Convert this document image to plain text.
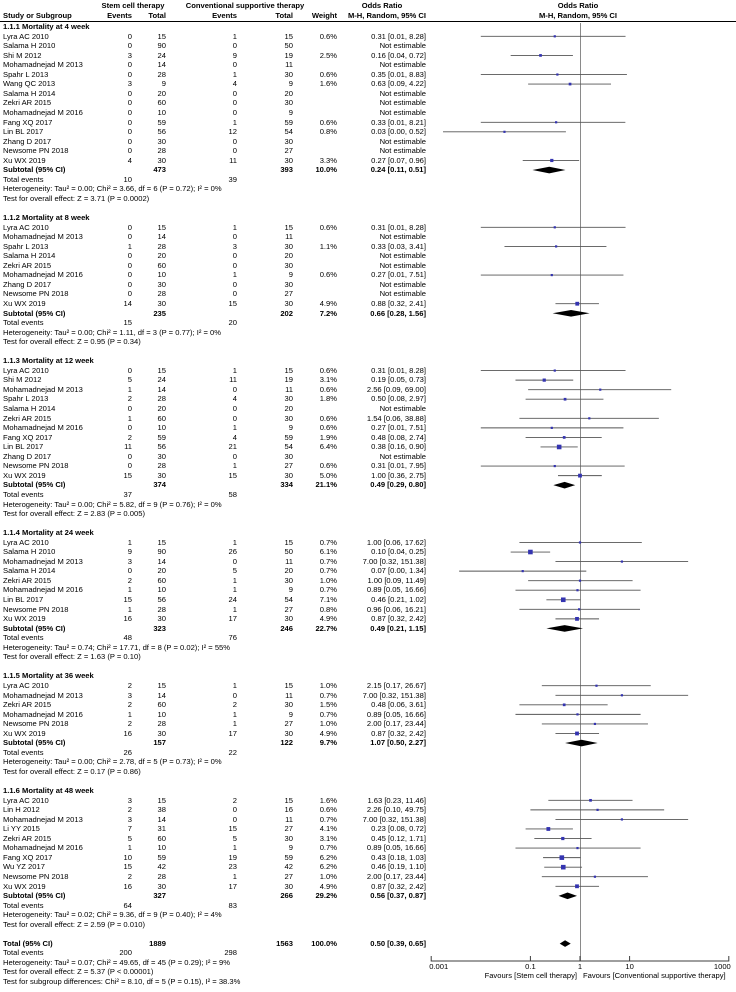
Stem cell therapy	Conventional supportive therapy	Odds Ratio	Odds Ratio
Study or Subgroup	Events Total	Events	Total Weight M-H, Random, 95% CI	M-H, Random, 95% CI
1.1.1 Mortality at 4 week
Lyra AC 2010	0	15	1	15	0.6%	0.31 [0.01, 8.28]
Salama H 2010	0	90	0	50	Not estimable
Shi M 2012	3	24	9	19	2.5%	0.16 [0.04, 0.72]
Mohamadnejad M 2013	0	14	0	11	Not estimable
Spahr L 2013	0	28	1	30	0.6%	0.35 [0.01, 8.83]
Wang QC 2013	3	9	4	9	1.6%	0.63 [0.09, 4.22]
Salama H 2014	0	20	0	20	Not estimable
Zekri AR 2015	0	60	0	30	Not estimable
Mohamadnejad M 2016	0	10	0	9	Not estimable
Fang XQ 2017	0	59	1	59	0.6%	0.33 [0.01, 8.21]
Lin BL 2017	0	56	12	54	0.8%	0.03 [0.00, 0.52]
Zhang D 2017	0	30	0	30	Not estimable
Newsome PN 2018	0	28	0	27	Not estimable
Xu WX 2019	4	30	11	30	3.3%	0.27 [0.07, 0.96]
Subtotal (95% CI)	473	393	10.0%	0.24 [0.11, 0.51]
Total events	10	39
Heterogeneity: Tau² = 0.00; Chi² = 3.66, df = 6 (P = 0.72); I² = 0%
Test for overall effect: Z = 3.71 (P = 0.0002)
1.1.2 Mortality at 8 week
Lyra AC 2010	0	15	1	15	0.6%	0.31 [0.01, 8.28]
Mohamadnejad M 2013	0	14	0	11	Not estimable
Spahr L 2013	1	28	3	30	1.1%	0.33 [0.03, 3.41]
Salama H 2014	0	20	0	20	Not estimable
Zekri AR 2015	0	60	0	30	Not estimable
Mohamadnejad M 2016	0	10	1	9	0.6%	0.27 [0.01, 7.51]
Zhang D 2017	0	30	0	30	Not estimable
Newsome PN 2018	0	28	0	27	Not estimable
Xu WX 2019	14	30	15	30	4.9%	0.88 [0.32, 2.41]
Subtotal (95% CI)	235	202	7.2%	0.66 [0.28, 1.56]
Total events	15	20
Heterogeneity: Tau² = 0.00; Chi² = 1.11, df = 3 (P = 0.77); I² = 0%
Test for overall effect: Z = 0.95 (P = 0.34)
1.1.3 Mortality at 12 week
Lyra AC 2010	0	15	1	15	0.6%	0.31 [0.01, 8.28]
Shi M 2012	5	24	11	19	3.1%	0.19 [0.05, 0.73]
Mohamadnejad M 2013	1	14	0	11	0.6%	2.56 [0.09, 69.00]
Spahr L 2013	2	28	4	30	1.8%	0.50 [0.08, 2.97]
Salama H 2014	0	20	0	20	Not estimable
Zekri AR 2015	1	60	0	30	0.6%	1.54 [0.06, 38.88]
Mohamadnejad M 2016	0	10	1	9	0.6%	0.27 [0.01, 7.51]
Fang XQ 2017	2	59	4	59	1.9%	0.48 [0.08, 2.74]
Lin BL 2017	11	56	21	54	6.4%	0.38 [0.16, 0.90]
Zhang D 2017	0	30	0	30	Not estimable
Newsome PN 2018	0	28	1	27	0.6%	0.31 [0.01, 7.95]
Xu WX 2019	15	30	15	30	5.0%	1.00 [0.36, 2.75]
Subtotal (95% CI)	374	334	21.1%	0.49 [0.29, 0.80]
Total events	37	58
Heterogeneity: Tau² = 0.00; Chi² = 5.82, df = 9 (P = 0.76); I² = 0%
Test for overall effect: Z = 2.83 (P = 0.005)
1.1.4 Mortality at 24 week
Lyra AC 2010	1	15	1	15	0.7%	1.00 [0.06, 17.62]
Salama H 2010	9	90	26	50	6.1%	0.10 [0.04, 0.25]
Mohamadnejad M 2013	3	14	0	11	0.7%	7.00 [0.32, 151.38]
Salama H 2014	0	20	5	20	0.7%	0.07 [0.00, 1.34]
Zekri AR 2015	2	60	1	30	1.0%	1.00 [0.09, 11.49]
Mohamadnejad M 2016	1	10	1	9	0.7%	0.89 [0.05, 16.66]
Lin BL 2017	15	56	24	54	7.1%	0.46 [0.21, 1.02]
Newsome PN 2018	1	28	1	27	0.8%	0.96 [0.06, 16.21]
Xu WX 2019	16	30	17	30	4.9%	0.87 [0.32, 2.42]
Subtotal (95% CI)	323	246	22.7%	0.49 [0.21, 1.15]
Total events	48	76
Heterogeneity: Tau² = 0.74; Chi² = 17.71, df = 8 (P = 0.02); I² = 55%
Test for overall effect: Z = 1.63 (P = 0.10)
1.1.5 Mortality at 36 week
Lyra AC 2010	2	15	1	15	1.0%	2.15 [0.17, 26.67]
Mohamadnejad M 2013	3	14	0	11	0.7%	7.00 [0.32, 151.38]
Zekri AR 2015	2	60	2	30	1.5%	0.48 [0.06, 3.61]
Mohamadnejad M 2016	1	10	1	9	0.7%	0.89 [0.05, 16.66]
Newsome PN 2018	2	28	1	27	1.0%	2.00 [0.17, 23.44]
Xu WX 2019	16	30	17	30	4.9%	0.87 [0.32, 2.42]
Subtotal (95% CI)	157	122	9.7%	1.07 [0.50, 2.27]
Total events	26	22
Heterogeneity: Tau² = 0.00; Chi² = 2.78, df = 5 (P = 0.73); I² = 0%
Test for overall effect: Z = 0.17 (P = 0.86)
1.1.6 Mortality at 48 week
Lyra AC 2010	3	15	2	15	1.6%	1.63 [0.23, 11.46]
Lin H 2012	2	38	0	16	0.6%	2.26 [0.10, 49.75]
Mohamadnejad M 2013	3	14	0	11	0.7%	7.00 [0.32, 151.38]
Li YY 2015	7	31	15	27	4.1%	0.23 [0.08, 0.72]
Zekri AR 2015	5	60	5	30	3.1%	0.45 [0.12, 1.71]
Mohamadnejad M 2016	1	10	1	9	0.7%	0.89 [0.05, 16.66]
Fang XQ 2017	10	59	19	59	6.2%	0.43 [0.18, 1.03]
Wu YZ 2017	15	42	23	42	6.2%	0.46 [0.19, 1.10]
Newsome PN 2018	2	28	1	27	1.0%	2.00 [0.17, 23.44]
Xu WX 2019	16	30	17	30	4.9%	0.87 [0.32, 2.42]
Subtotal (95% CI)	327	266	29.2%	0.56 [0.37, 0.87]
Total events	64	83
Heterogeneity: Tau² = 0.02; Chi² = 9.36, df = 9 (P = 0.40); I² = 4%
Test for overall effect: Z = 2.59 (P = 0.010)
Total (95% CI)	1889	1563 100.0%	0.50 [0.39, 0.65]
Total events	200	298
Heterogeneity: Tau² = 0.07; Chi² = 49.65, df = 45 (P = 0.29); I² = 9%
Test for overall effect: Z = 5.37 (P < 0.00001)
Test for subgroup differences: Chi² = 8.10, df = 5 (P = 0.15), I² = 38.3%
0.001	0.1	1	10	1000
Favours [Stem cell therapy] Favours [Conventional supportive therapy]
